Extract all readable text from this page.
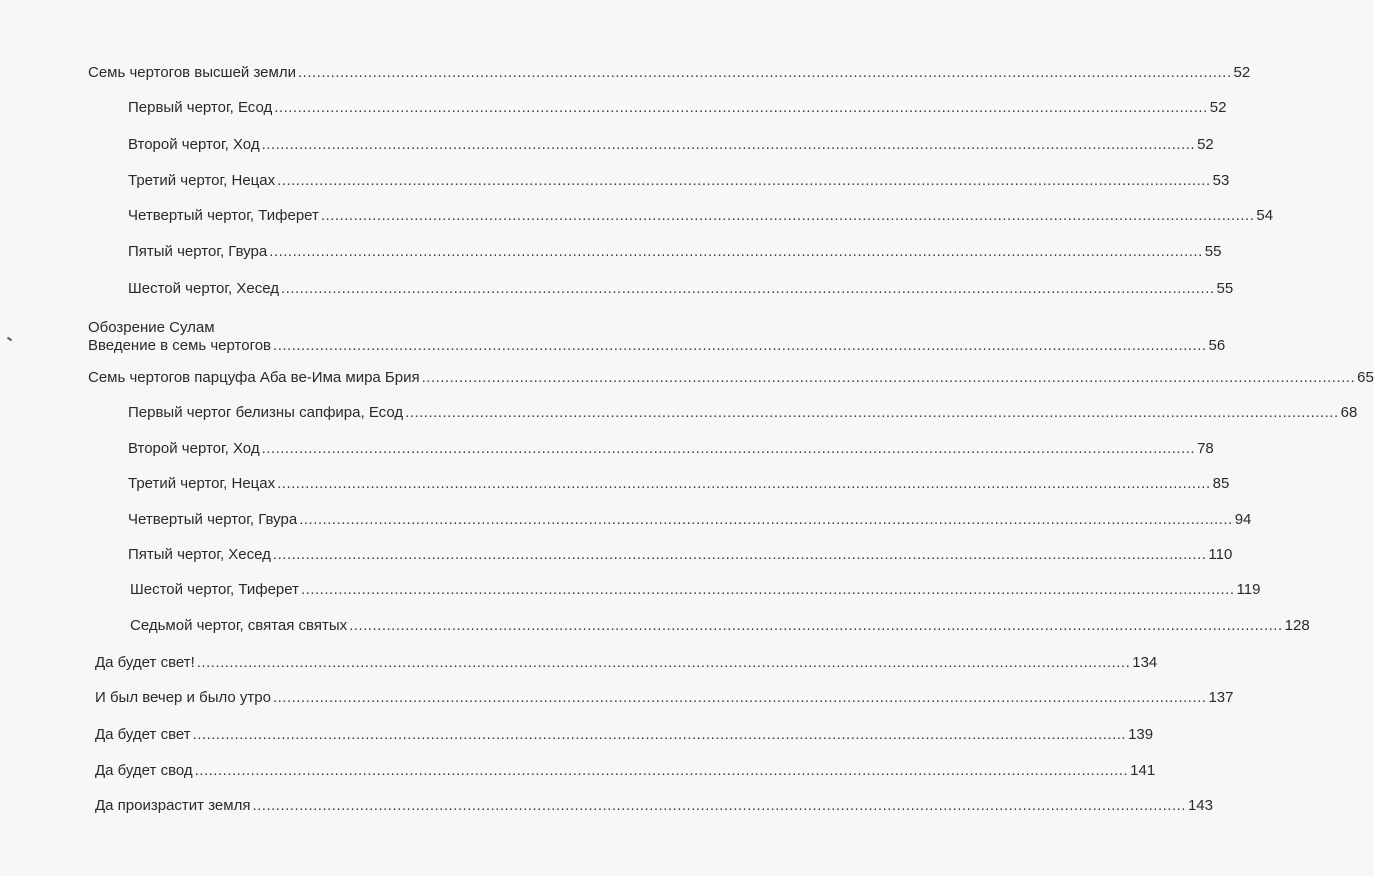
Семь чертогов высшей земли ........................................................................................................................................................................................................ 52
Первый чертог, Есод ........................................................................................................................................................................................................ 52
Второй чертог, Ход ........................................................................................................................................................................................................ 52
Третий чертог, Нецах ........................................................................................................................................................................................................ 53
Четвертый чертог, Тиферет ........................................................................................................................................................................................................ 54
Пятый чертог, Гвура ........................................................................................................................................................................................................ 55
Шестой чертог, Хесед ........................................................................................................................................................................................................ 55
Обозрение Сулам
Введение в семь чертогов ........................................................................................................................................................................................................ 56
Семь чертогов парцуфа Аба ве-Има мира Брия ........................................................................................................................................................................................................ 65
Первый чертог белизны сапфира, Есод ........................................................................................................................................................................................................ 68
Второй чертог, Ход ........................................................................................................................................................................................................ 78
Третий чертог, Нецах ........................................................................................................................................................................................................ 85
Четвертый чертог, Гвура ........................................................................................................................................................................................................ 94
Пятый чертог, Хесед ........................................................................................................................................................................................................ 110
Шестой чертог, Тиферет ........................................................................................................................................................................................................ 119
Седьмой чертог, святая святых ........................................................................................................................................................................................................ 128
Да будет свет! ........................................................................................................................................................................................................ 134
И был вечер и было утро ........................................................................................................................................................................................................ 137
Да будет свет ........................................................................................................................................................................................................ 139
Да будет свод ........................................................................................................................................................................................................ 141
Да произрастит земля ........................................................................................................................................................................................................ 143
